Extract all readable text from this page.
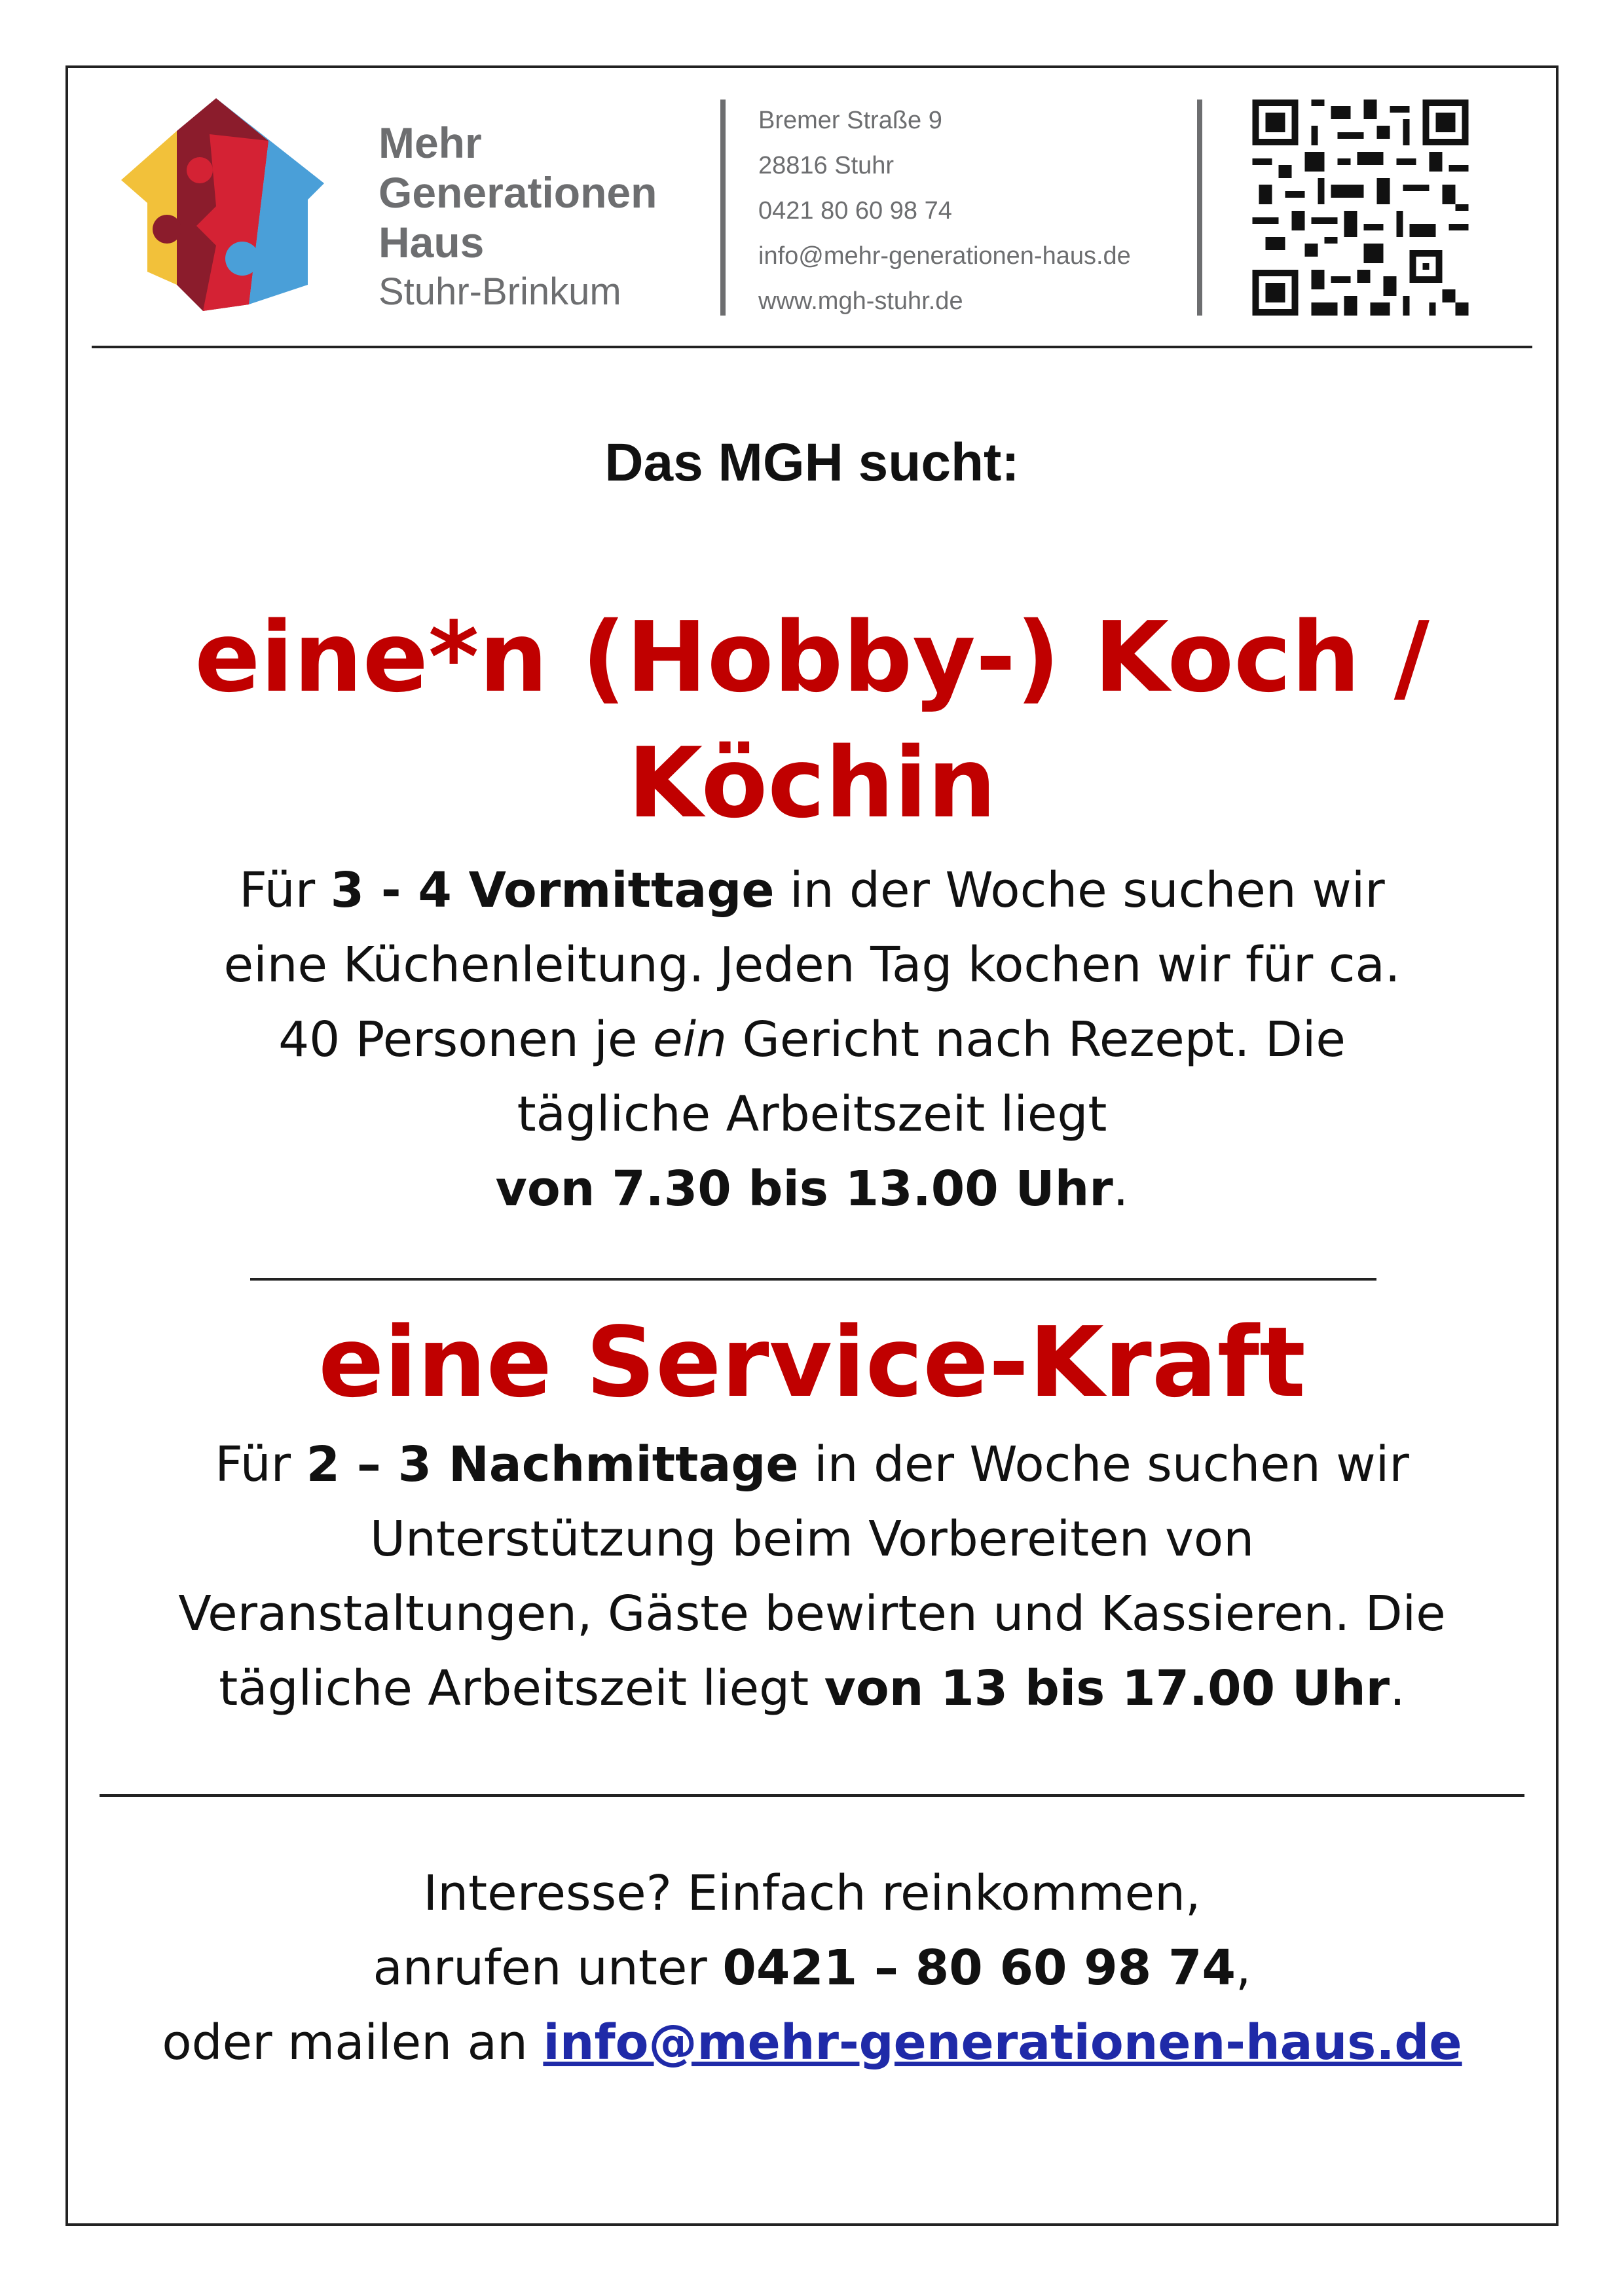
Mehr
Generationen
Haus
Stuhr-Brinkum
Bremer Straße 9
28816 Stuhr
0421 80 60 98 74
info@mehr-generationen-haus.de
www.mgh-stuhr.de
Das MGH sucht:
eine*n (Hobby-) Koch /
Köchin
Für 3 - 4 Vormittage in der Woche suchen wir
eine Küchenleitung. Jeden Tag kochen wir für ca.
40 Personen je ein Gericht nach Rezept. Die
tägliche Arbeitszeit liegt
von 7.30 bis 13.00 Uhr.
eine Service-Kraft
Für 2 – 3 Nachmittage in der Woche suchen wir
Unterstützung beim Vorbereiten von
Veranstaltungen, Gäste bewirten und Kassieren. Die
tägliche Arbeitszeit liegt von 13 bis 17.00 Uhr.
Interesse? Einfach reinkommen,
anrufen unter 0421 – 80 60 98 74,
oder mailen an info@mehr-generationen-haus.de
